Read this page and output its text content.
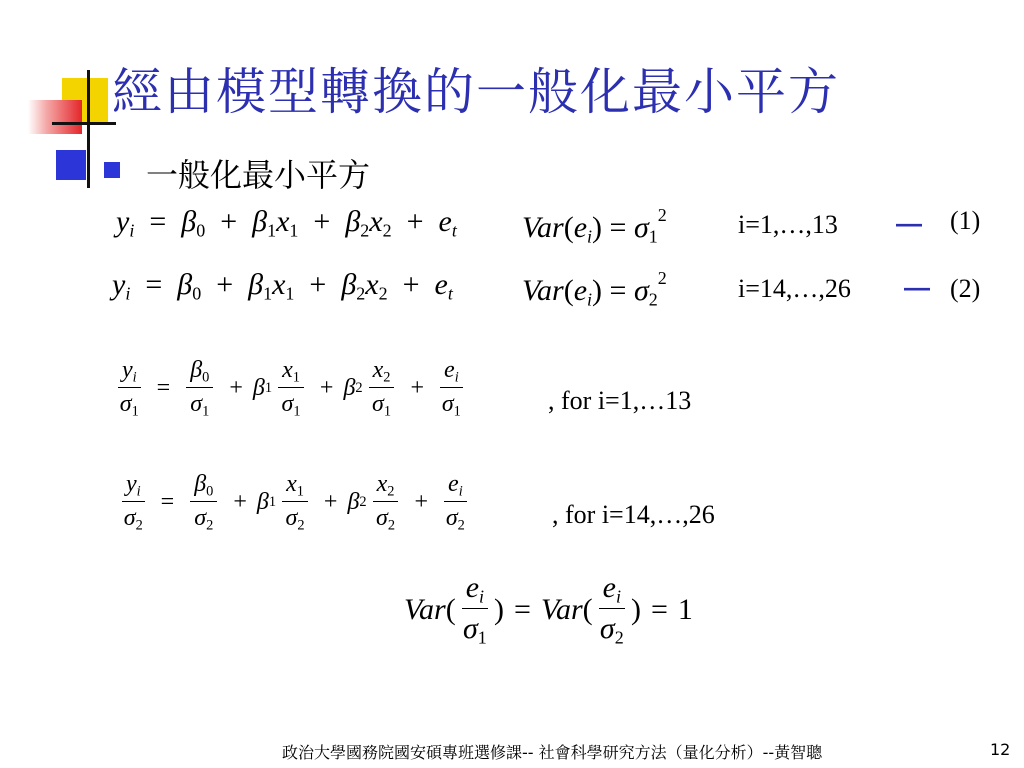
經由模型轉換的一般化最小平方
一般化最小平方
$y_i = \beta_0 + \beta_1x_1 + \beta_2x_2 + e_t$ $Var(e_i) = \sigma_1^2$	i=1,…,13 — (1)
$y_i = \beta_0 + \beta_1x_1 + \beta_2x_2 + e_t$ $Var(e_i) = \sigma_2^2$	i=14,…,26 — (2)
$\frac{y_i}{\sigma_1} = \frac{\beta_0}{\sigma_1} + \beta$ $1 \frac{x_1}{\sigma_1} + \beta$ $2 \frac{x_2}{\sigma_1} + \frac{e_i}{\sigma_1}$	, for i=1,…13
$\frac{y_i}{\sigma_2} = \frac{\beta_0}{\sigma_2} + \beta$ $1 \frac{x_1}{\sigma_2} + \beta$ $2 \frac{x_2}{\sigma_2} + \frac{e_i}{\sigma_2}$	, for i=14,…,26
Var ( $\frac{e_i}{\sigma_1}$ ) = Var ( $\frac{e_i}{\sigma_2}$ ) = 1
政治大學國務院國安碩專班選修課-- 社會科學研究方法（量化分析）--黃智聰	12
